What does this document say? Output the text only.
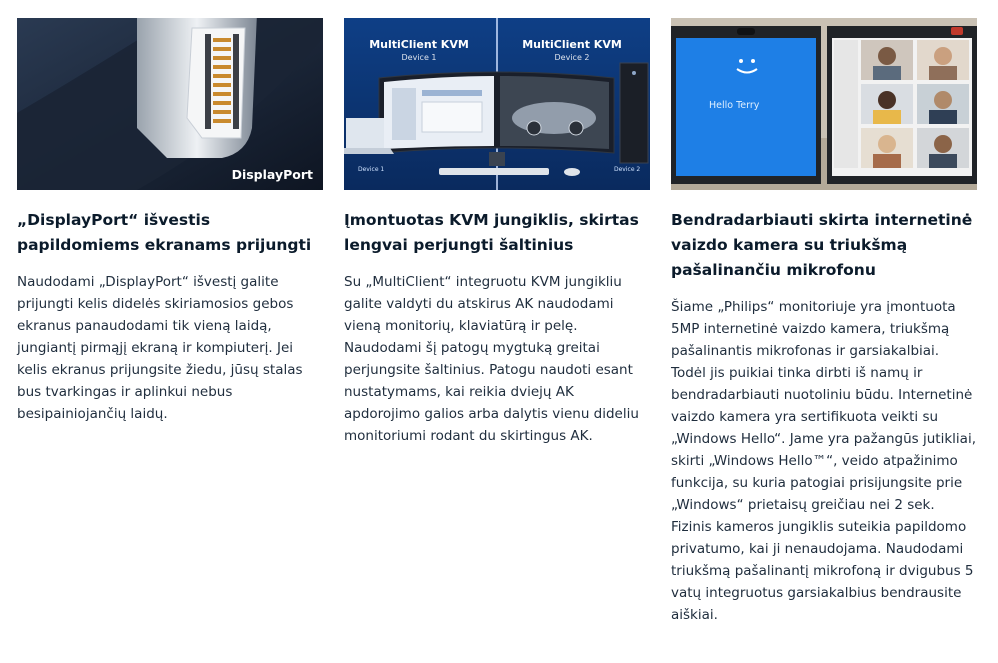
DisplayPort
„DisplayPort“ išvestis papildomiems ekranams prijungti

Naudodami „DisplayPort“ išvestį galite prijungti kelis didelės skiriamosios gebos ekranus panaudodami tik vieną laidą, jungiantį pirmąjį ekraną ir kompiuterį. Jei kelis ekranus prijungsite žiedu, jūsų stalas bus tvarkingas ir aplinkui nebus besipainiojančių laidų.

MultiClient KVM
Device 1
MultiClient KVM
Device 2
Device 1	Device 2
Įmontuotas KVM jungiklis, skirtas lengvai perjungti šaltinius

Su „MultiClient“ integruotu KVM jungikliu galite valdyti du atskirus AK naudodami vieną monitorių, klaviatūrą ir pelę. Naudodami šį patogų mygtuką greitai perjungsite šaltinius. Patogu naudoti esant nustatymams, kai reikia dviejų AK apdorojimo galios arba dalytis vienu dideliu monitoriumi rodant du skirtingus AK.

Hello Terry
Bendradarbiauti skirta internetinė vaizdo kamera su triukšmą pašalinančiu mikrofonu

Šiame „Philips“ monitoriuje yra įmontuota 5MP internetinė vaizdo kamera, triukšmą pašalinantis mikrofonas ir garsiakalbiai. Todėl jis puikiai tinka dirbti iš namų ir bendradarbiauti nuotoliniu būdu. Internetinė vaizdo kamera yra sertifikuota veikti su „Windows Hello“. Jame yra pažangūs jutikliai, skirti „Windows Hello™“, veido atpažinimo funkcija, su kuria patogiai prisijungsite prie „Windows“ prietaisų greičiau nei 2 sek. Fizinis kameros jungiklis suteikia papildomo privatumo, kai ji nenaudojama. Naudodami triukšmą pašalinantį mikrofoną ir dvigubus 5 vatų integruotus garsiakalbius bendrausite aiškiai.
